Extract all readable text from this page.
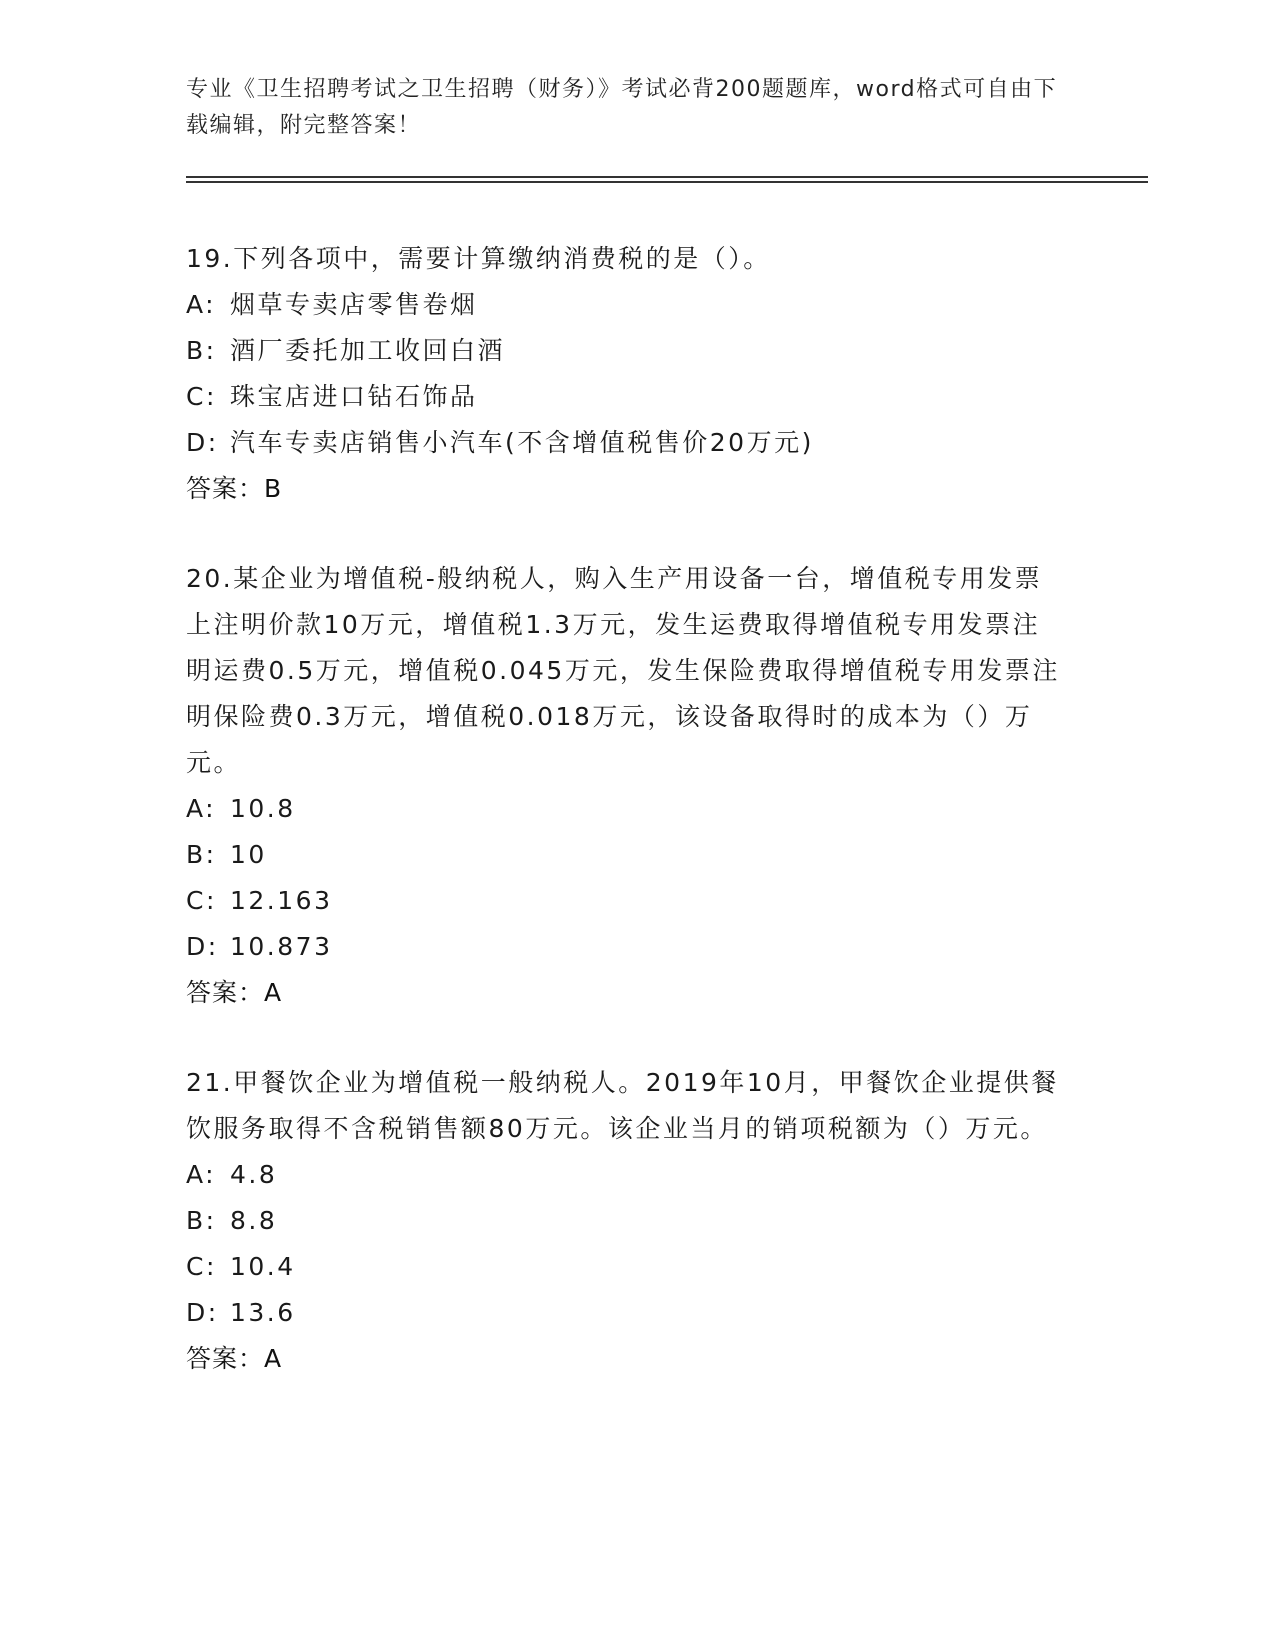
专业《卫生招聘考试之卫生招聘（财务）》考试必背200题题库，word格式可自由下载编辑，附完整答案！

19.下列各项中，需要计算缴纳消费税的是（）。

A: 烟草专卖店零售卷烟
B: 酒厂委托加工收回白酒
C: 珠宝店进口钻石饰品
D: 汽车专卖店销售小汽车(不含增值税售价20万元)
答案：B

20.某企业为增值税-般纳税人，购入生产用设备一台，增值税专用发票上注明价款10万元，增值税1.3万元，发生运费取得增值税专用发票注明运费0.5万元，增值税0.045万元，发生保险费取得增值税专用发票注明保险费0.3万元，增值税0.018万元，该设备取得时的成本为（）万元。

A: 10.8
B: 10
C: 12.163
D: 10.873
答案：A

21.甲餐饮企业为增值税一般纳税人。2019年10月，甲餐饮企业提供餐饮服务取得不含税销售额80万元。该企业当月的销项税额为（）万元。

A: 4.8
B: 8.8
C: 10.4
D: 13.6
答案：A
